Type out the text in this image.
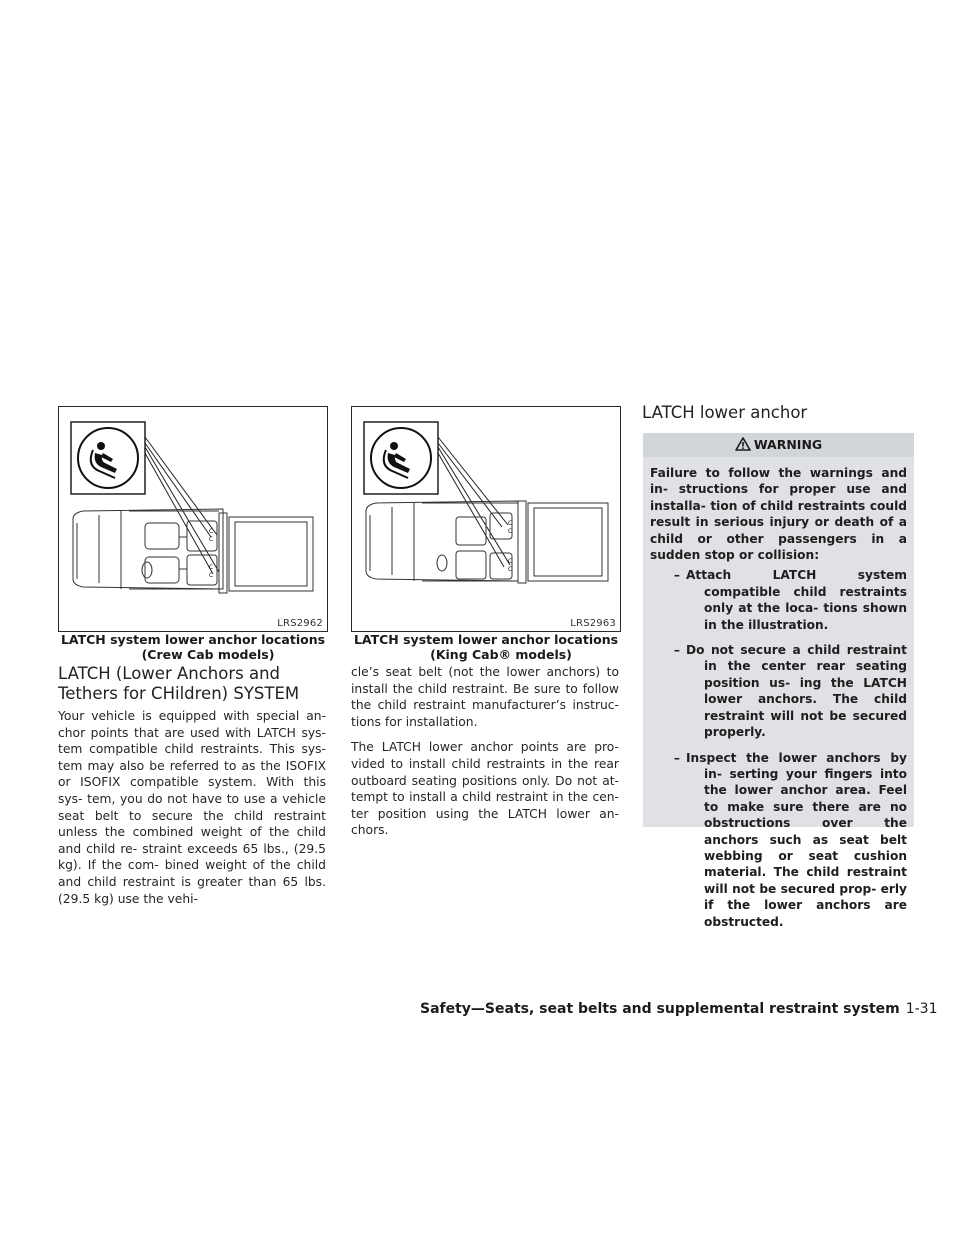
C
C
C
C
LRS2962
LATCH system lower anchor locations
(Crew Cab models)
C
C
C
C
LRS2963
LATCH system lower anchor locations
(King Cab® models)
LATCH (Lower Anchors and
Tethers for CHildren) SYSTEM

Your vehicle is equipped with special an- chor points that are used with LATCH sys- tem compatible child restraints. This sys- tem may also be referred to as the ISOFIX or ISOFIX compatible system. With this sys- tem, you do not have to use a vehicle seat belt to secure the child restraint unless the combined weight of the child and child re- straint exceeds 65 lbs., (29.5 kg). If the com- bined weight of the child and child restraint is greater than 65 lbs. (29.5 kg) use the vehi-

cle’s seat belt (not the lower anchors) to install the child restraint. Be sure to follow the child restraint manufacturer’s instruc- tions for installation.

The LATCH lower anchor points are pro- vided to install child restraints in the rear outboard seating positions only. Do not at- tempt to install a child restraint in the cen- ter position using the LATCH lower an- chors.

LATCH lower anchor
WARNING

Failure to follow the warnings and in- structions for proper use and installa- tion of child restraints could result in serious injury or death of a child or other passengers in a sudden stop or collision:

– Attach LATCH system compatible child restraints only at the loca- tions shown in the illustration.
– Do not secure a child restraint in the center rear seating position us- ing the LATCH lower anchors. The child restraint will not be secured properly.
– Inspect the lower anchors by in- serting your fingers into the lower anchor area. Feel to make sure there are no obstructions over the anchors such as seat belt webbing or seat cushion material. The child restraint will not be secured prop- erly if the lower anchors are obstructed.
Safety—Seats, seat belts and supplemental restraint system 1-31
